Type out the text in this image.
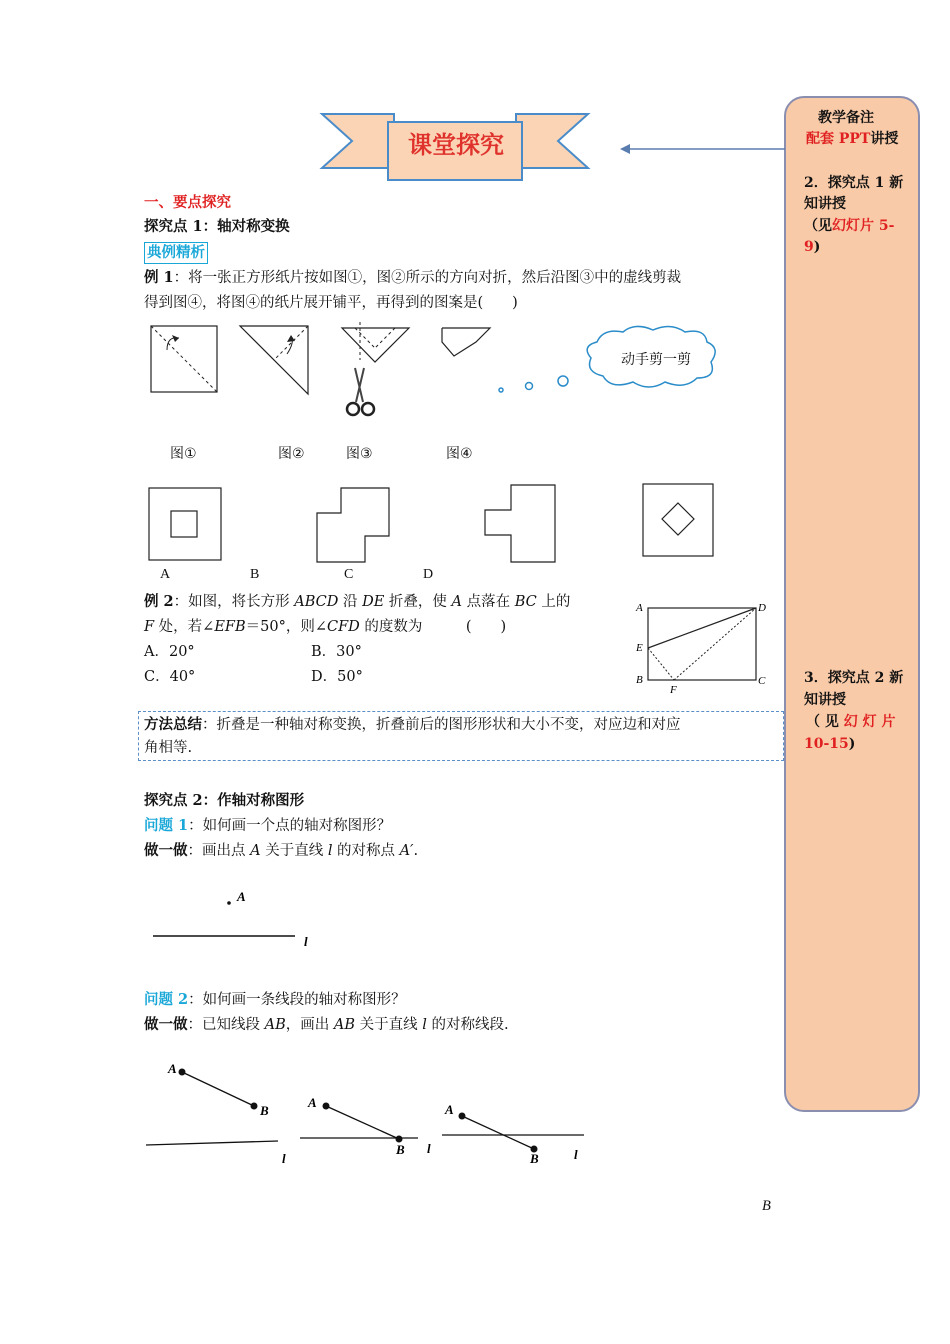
教学备注
配套 PPT讲授
2．探究点 1 新
知讲授
（见幻灯片 5-
9)
3．探究点 2 新
知讲授
（ 见 幻 灯 片
10-15)
课堂探究
一、要点探究
探究点 1：轴对称变换
典例精析
例 1：将一张正方形纸片按如图①，图②所示的方向对折，然后沿图③中的虚线剪裁
得到图④，将图④的纸片展开铺平，再得到的图案是(　　)
动手剪一剪
图①	图②	图③	图④
A	B	C	D
例 2：如图，将长方形 ABCD 沿 DE 折叠，使 A 点落在 BC 上的
F 处，若∠EFB＝50°，则∠CFD 的度数为　　　(　　)
A．20°	B．30°
C．40°	D．50°
A	D
E
B
F
C
方法总结：折叠是一种轴对称变换，折叠前后的图形形状和大小不变，对应边和对应
角相等.
探究点 2：作轴对称图形
问题 1：如何画一个点的轴对称图形？
做一做：画出点 A 关于直线 l 的对称点 A′.
A
l
问题 2：如何画一条线段的轴对称图形？
做一做：已知线段 AB，画出 AB 关于直线 l 的对称线段.
A
B
l
A
B l
A
B	l
B
